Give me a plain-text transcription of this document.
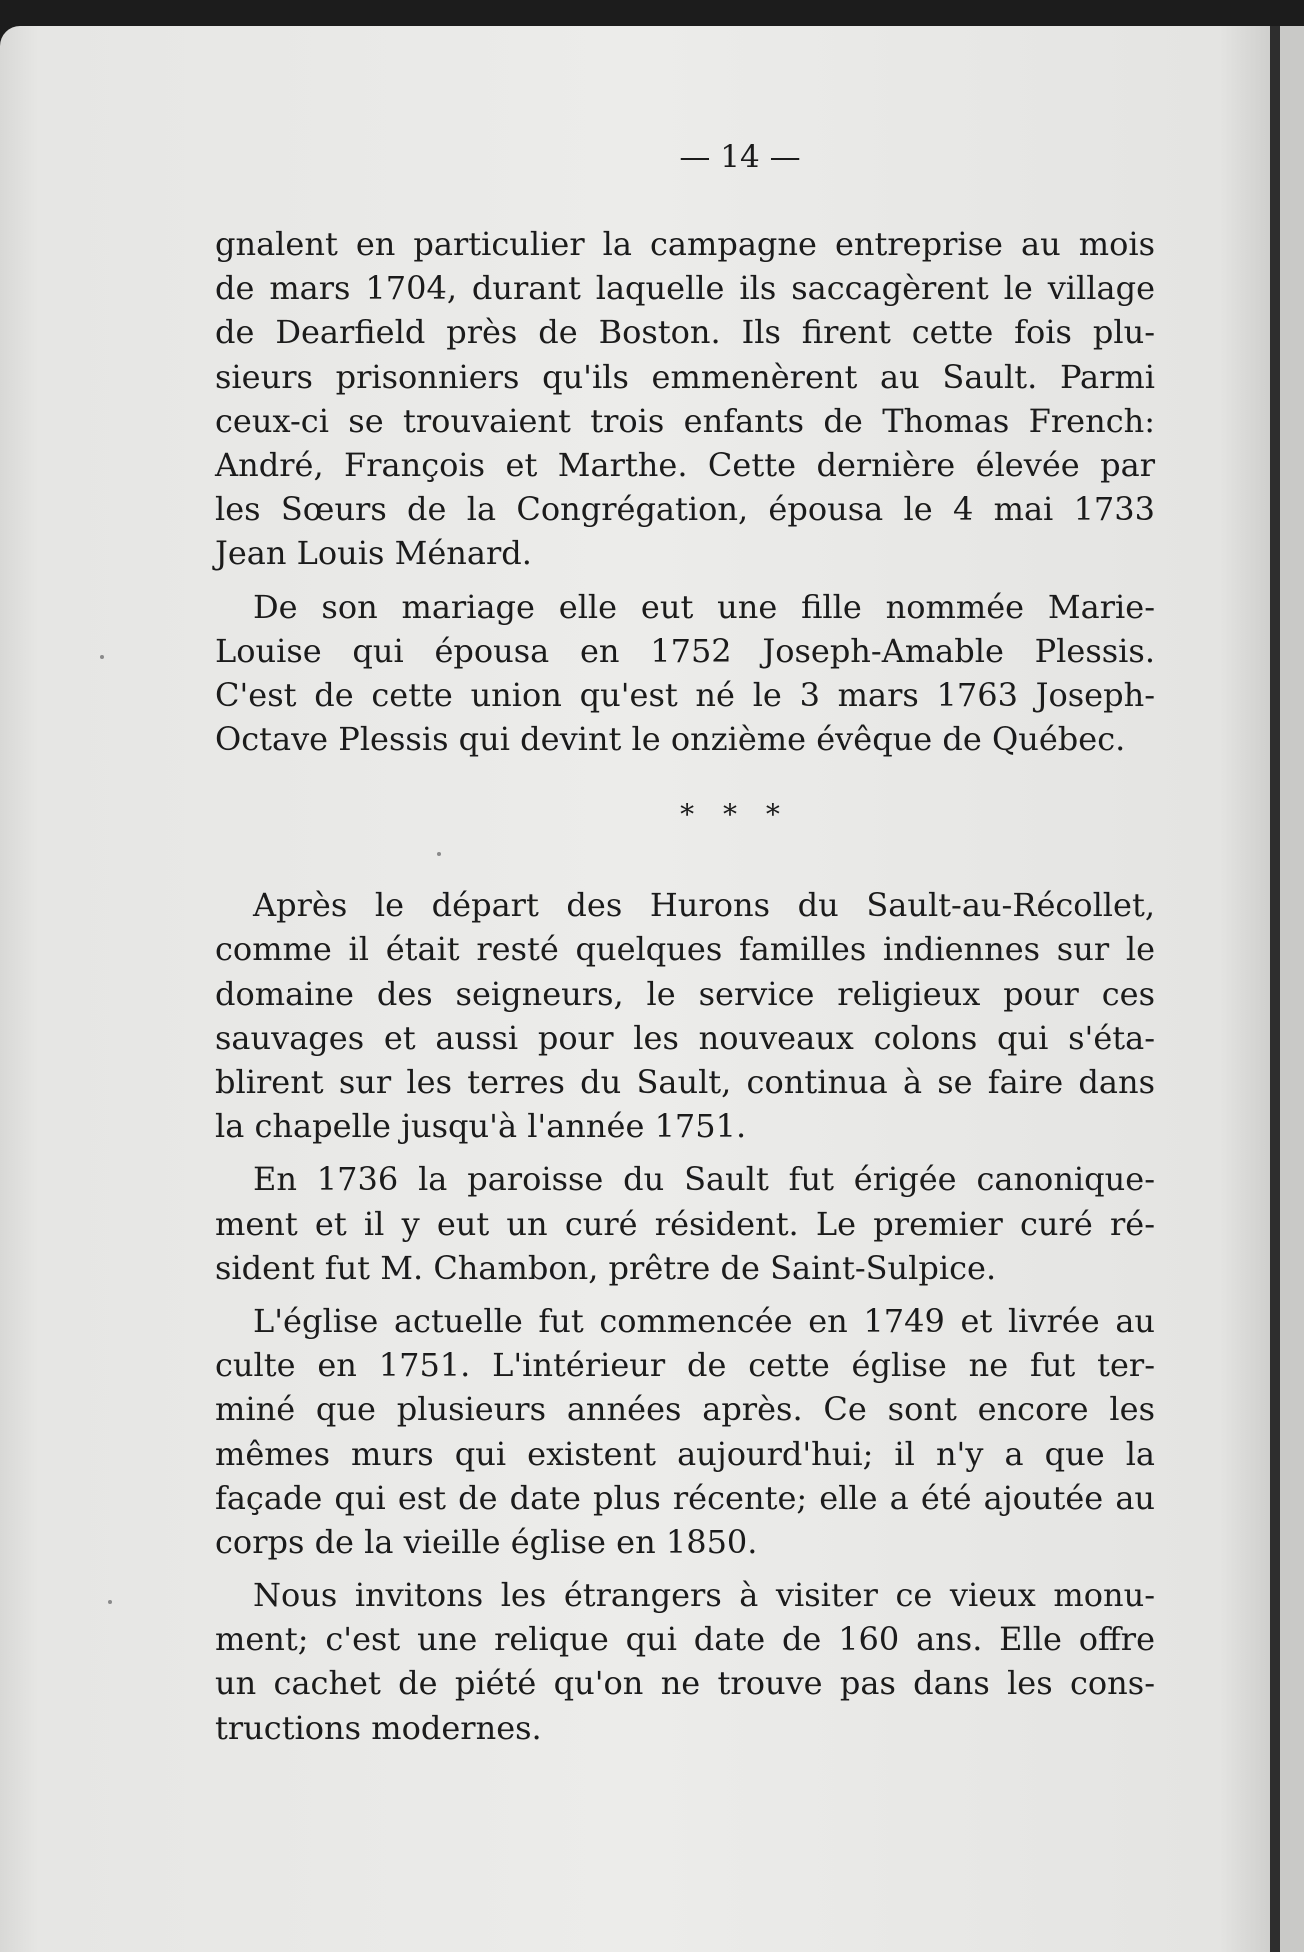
— 14 —
gnalent en particulier la campagne entreprise au mois
de mars 1704, durant laquelle ils saccagèrent le village
de Dearfield près de Boston. Ils firent cette fois plu-
sieurs prisonniers qu'ils emmenèrent au Sault. Parmi
ceux-ci se trouvaient trois enfants de Thomas French:
André, François et Marthe. Cette dernière élevée par
les Sœurs de la Congrégation, épousa le 4 mai 1733
Jean Louis Ménard.
De son mariage elle eut une fille nommée Marie-
Louise qui épousa en 1752 Joseph-Amable Plessis.
C'est de cette union qu'est né le 3 mars 1763 Joseph-
Octave Plessis qui devint le onzième évêque de Québec.
* * *
Après le départ des Hurons du Sault-au-Récollet,
comme il était resté quelques familles indiennes sur le
domaine des seigneurs, le service religieux pour ces
sauvages et aussi pour les nouveaux colons qui s'éta-
blirent sur les terres du Sault, continua à se faire dans
la chapelle jusqu'à l'année 1751.
En 1736 la paroisse du Sault fut érigée canonique-
ment et il y eut un curé résident. Le premier curé ré-
sident fut M. Chambon, prêtre de Saint-Sulpice.
L'église actuelle fut commencée en 1749 et livrée au
culte en 1751. L'intérieur de cette église ne fut ter-
miné que plusieurs années après. Ce sont encore les
mêmes murs qui existent aujourd'hui; il n'y a que la
façade qui est de date plus récente; elle a été ajoutée au
corps de la vieille église en 1850.
Nous invitons les étrangers à visiter ce vieux monu-
ment; c'est une relique qui date de 160 ans. Elle offre
un cachet de piété qu'on ne trouve pas dans les cons-
tructions modernes.
